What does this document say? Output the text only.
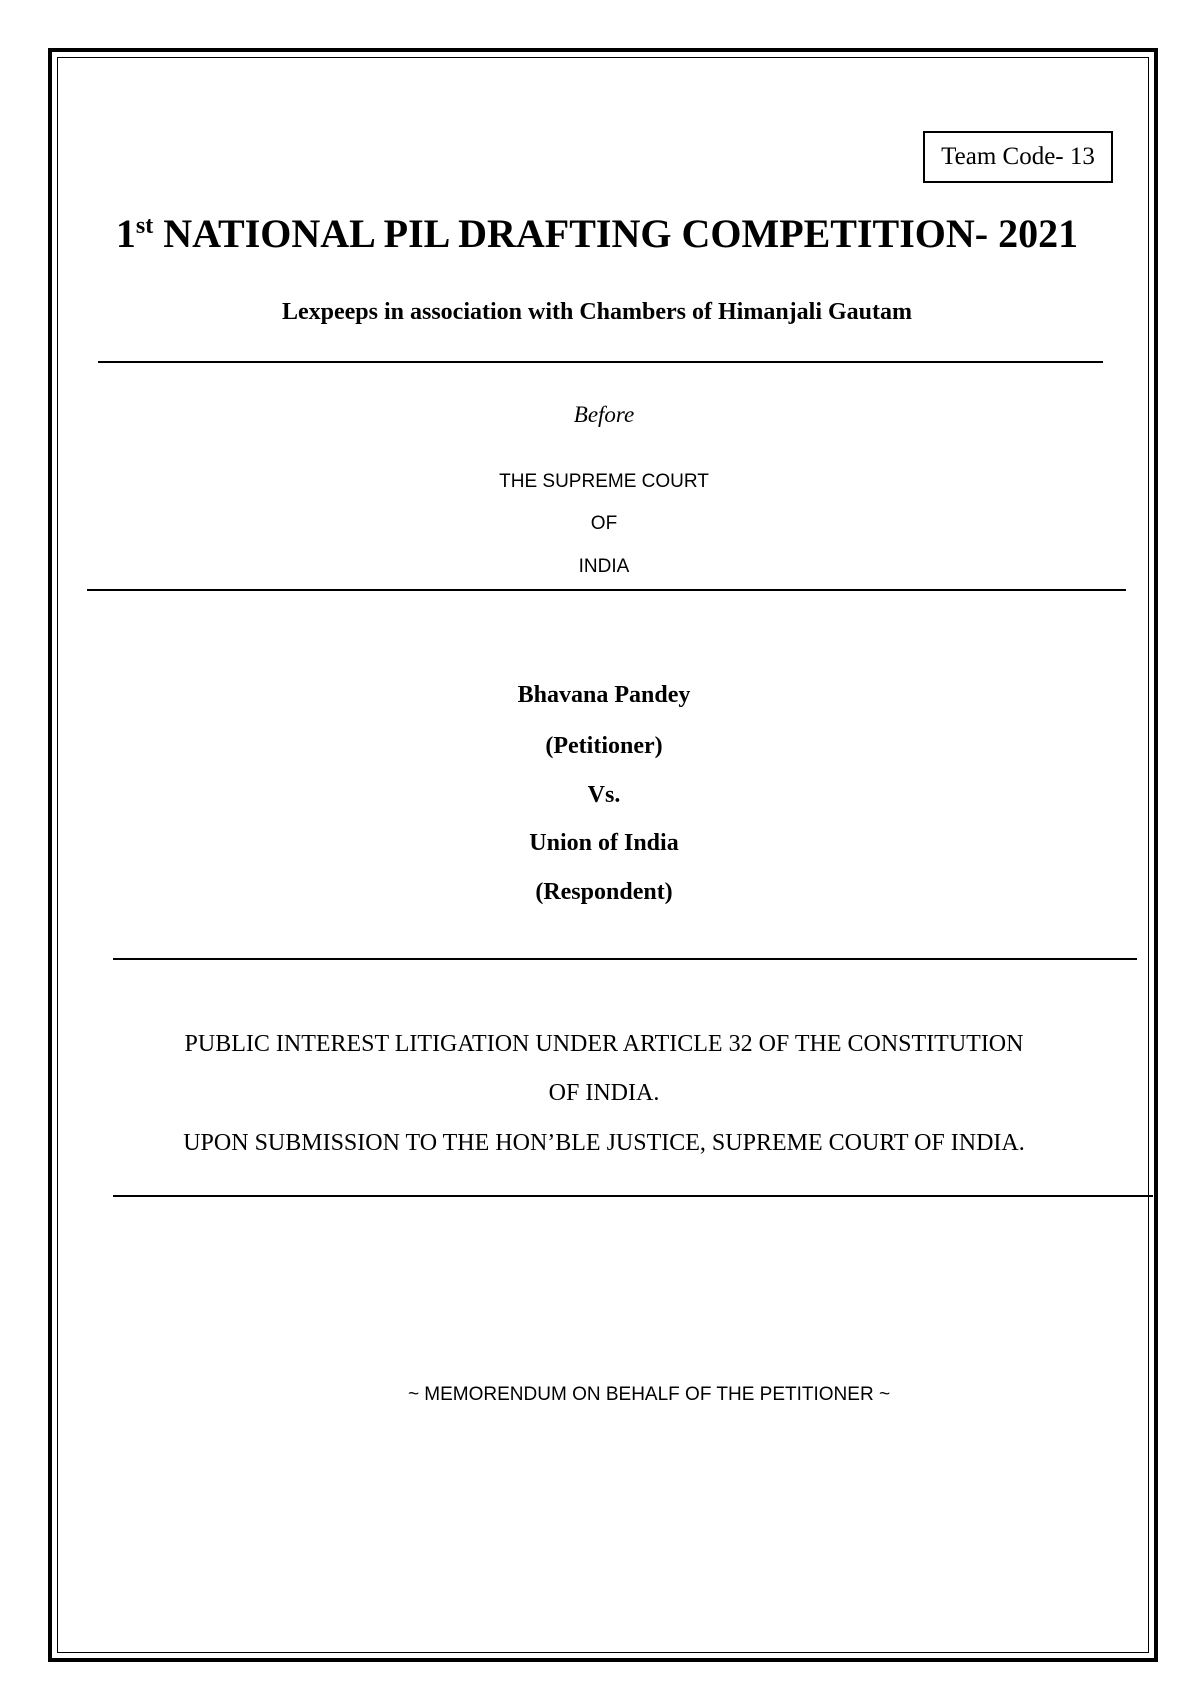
Team Code- 13
1st NATIONAL PIL DRAFTING COMPETITION- 2021
Lexpeeps in association with Chambers of Himanjali Gautam
Before
THE SUPREME COURT
OF
INDIA
Bhavana Pandey
(Petitioner)
Vs.
Union of India
(Respondent)
PUBLIC INTEREST LITIGATION UNDER ARTICLE 32 OF THE CONSTITUTION
OF INDIA.
UPON SUBMISSION TO THE HON’BLE JUSTICE, SUPREME COURT OF INDIA.
~ MEMORENDUM ON BEHALF OF THE PETITIONER ~
